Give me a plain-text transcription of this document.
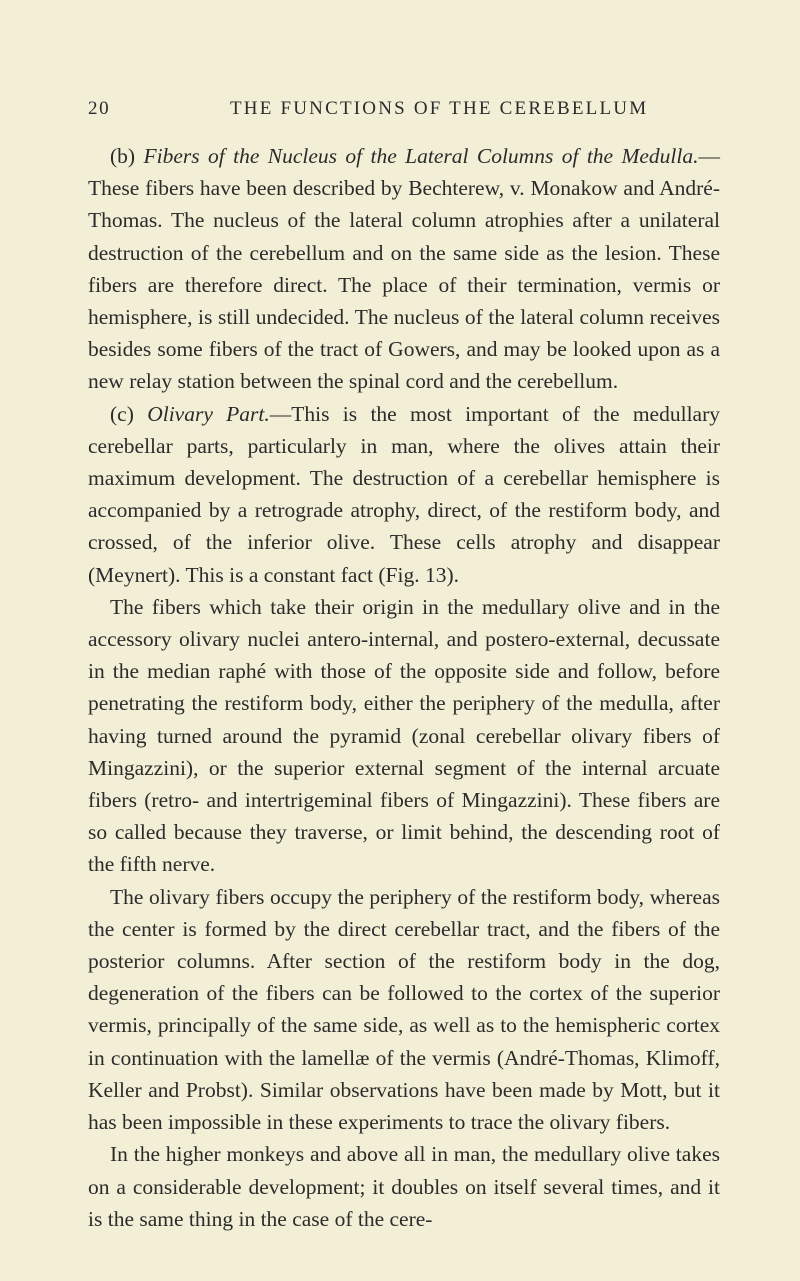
20	THE FUNCTIONS OF THE CEREBELLUM

(b) Fibers of the Nucleus of the Lateral Columns of the Medulla.—These fibers have been described by Bechterew, v. Monakow and André-Thomas. The nucleus of the lateral column atrophies after a unilateral destruction of the cerebellum and on the same side as the lesion. These fibers are therefore direct. The place of their termination, vermis or hemisphere, is still undecided. The nucleus of the lateral column receives besides some fibers of the tract of Gowers, and may be looked upon as a new relay station between the spinal cord and the cerebellum.

(c) Olivary Part.—This is the most important of the medullary cerebellar parts, particularly in man, where the olives attain their maximum development. The destruction of a cerebellar hemisphere is accompanied by a retrograde atrophy, direct, of the restiform body, and crossed, of the inferior olive. These cells atrophy and disappear (Meynert). This is a constant fact (Fig. 13).

The fibers which take their origin in the medullary olive and in the accessory olivary nuclei antero-internal, and postero-external, decussate in the median raphé with those of the opposite side and follow, before penetrating the restiform body, either the periphery of the medulla, after having turned around the pyramid (zonal cerebellar olivary fibers of Mingazzini), or the superior external segment of the internal arcuate fibers (retro- and intertrigeminal fibers of Mingazzini). These fibers are so called because they traverse, or limit behind, the descending root of the fifth nerve.

The olivary fibers occupy the periphery of the restiform body, whereas the center is formed by the direct cerebellar tract, and the fibers of the posterior columns. After section of the restiform body in the dog, degeneration of the fibers can be followed to the cortex of the superior vermis, principally of the same side, as well as to the hemispheric cortex in continuation with the lamellæ of the vermis (André-Thomas, Klimoff, Keller and Probst). Similar observations have been made by Mott, but it has been impossible in these experiments to trace the olivary fibers.

In the higher monkeys and above all in man, the medullary olive takes on a considerable development; it doubles on itself several times, and it is the same thing in the case of the cere-
